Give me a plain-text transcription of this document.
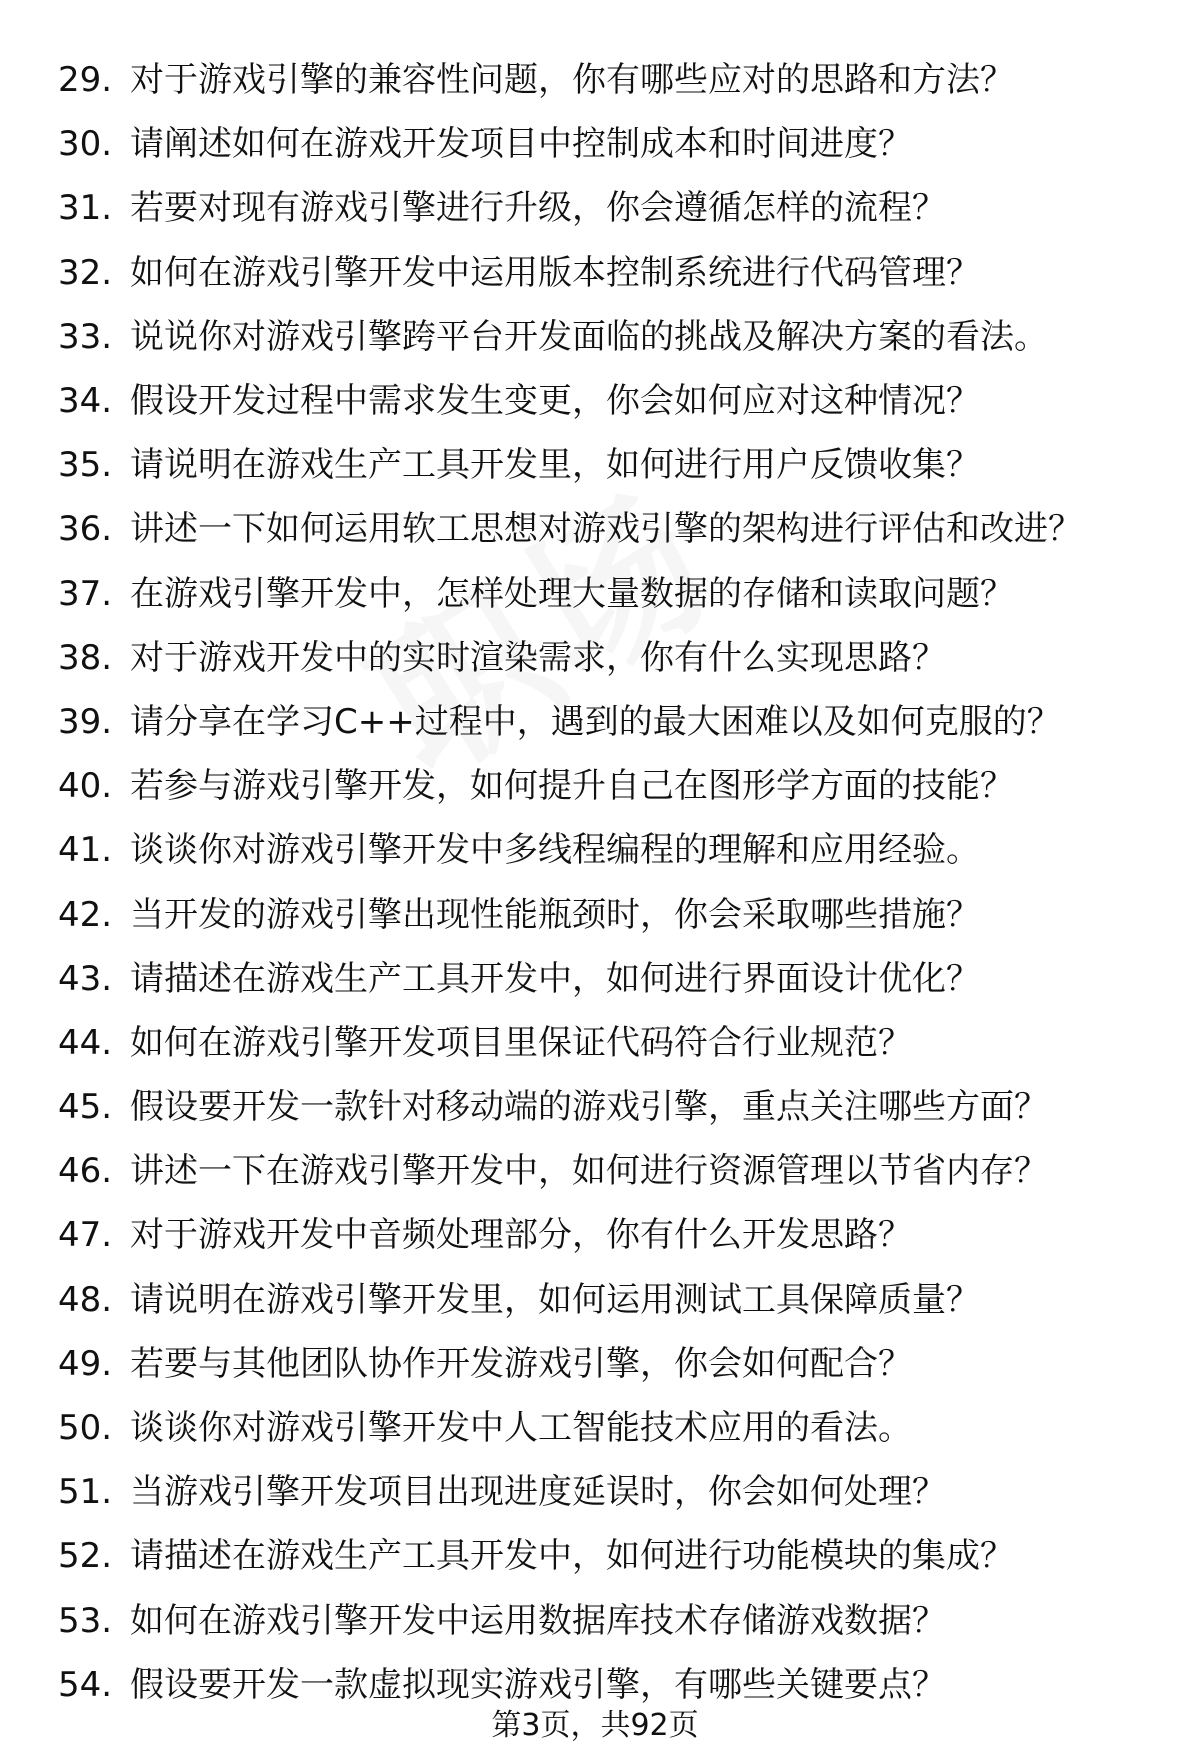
29. 对于游戏引擎的兼容性问题，你有哪些应对的思路和方法？
30. 请阐述如何在游戏开发项目中控制成本和时间进度？
31. 若要对现有游戏引擎进行升级，你会遵循怎样的流程？
32. 如何在游戏引擎开发中运用版本控制系统进行代码管理？
33. 说说你对游戏引擎跨平台开发面临的挑战及解决方案的看法。
34. 假设开发过程中需求发生变更，你会如何应对这种情况？
35. 请说明在游戏生产工具开发里，如何进行用户反馈收集？
36. 讲述一下如何运用软工思想对游戏引擎的架构进行评估和改进？
37. 在游戏引擎开发中，怎样处理大量数据的存储和读取问题？
38. 对于游戏开发中的实时渲染需求，你有什么实现思路？
39. 请分享在学习C++过程中，遇到的最大困难以及如何克服的？
40. 若参与游戏引擎开发，如何提升自己在图形学方面的技能？
41. 谈谈你对游戏引擎开发中多线程编程的理解和应用经验。
42. 当开发的游戏引擎出现性能瓶颈时，你会采取哪些措施？
43. 请描述在游戏生产工具开发中，如何进行界面设计优化？
44. 如何在游戏引擎开发项目里保证代码符合行业规范？
45. 假设要开发一款针对移动端的游戏引擎，重点关注哪些方面？
46. 讲述一下在游戏引擎开发中，如何进行资源管理以节省内存？
47. 对于游戏开发中音频处理部分，你有什么开发思路？
48. 请说明在游戏引擎开发里，如何运用测试工具保障质量？
49. 若要与其他团队协作开发游戏引擎，你会如何配合？
50. 谈谈你对游戏引擎开发中人工智能技术应用的看法。
51. 当游戏引擎开发项目出现进度延误时，你会如何处理？
52. 请描述在游戏生产工具开发中，如何进行功能模块的集成？
53. 如何在游戏引擎开发中运用数据库技术存储游戏数据？
54. 假设要开发一款虚拟现实游戏引擎，有哪些关键要点？
第3页，共92页
